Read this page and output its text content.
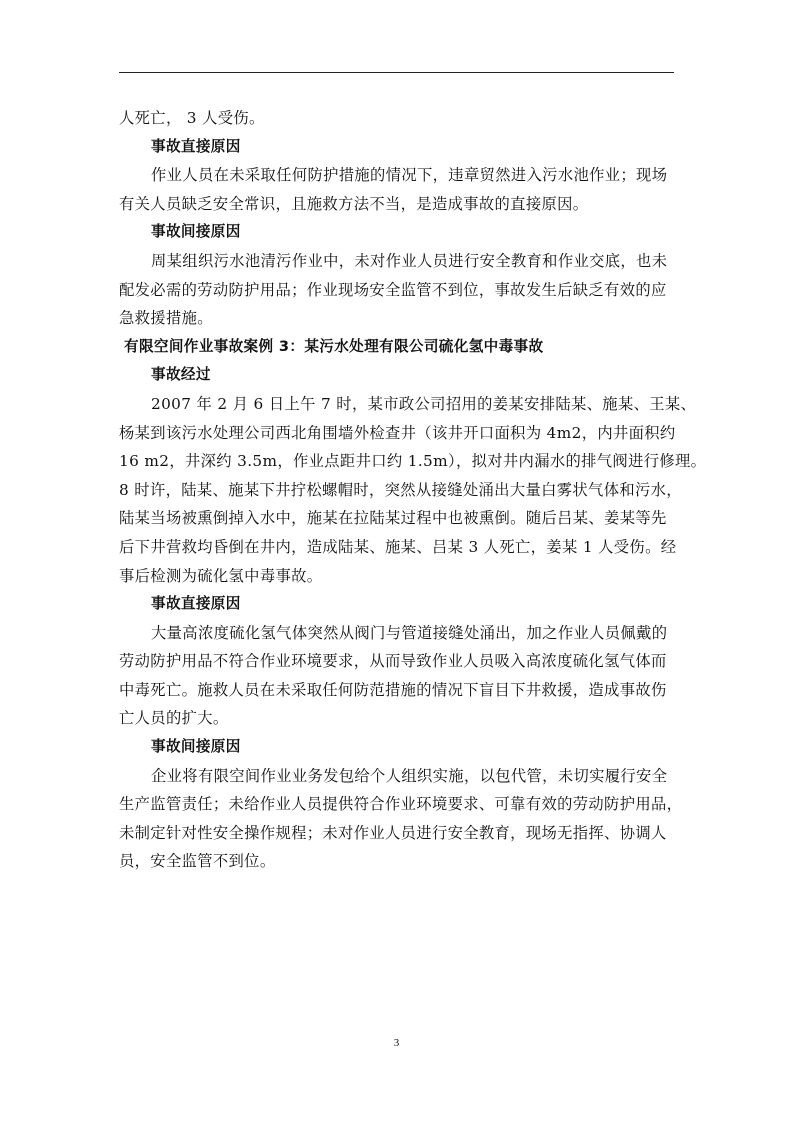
人死亡， 3 人受伤。
事故直接原因
作业人员在未采取任何防护措施的情况下，违章贸然进入污水池作业；现场
有关人员缺乏安全常识，且施救方法不当，是造成事故的直接原因。
事故间接原因
周某组织污水池清污作业中，未对作业人员进行安全教育和作业交底，也未
配发必需的劳动防护用品；作业现场安全监管不到位，事故发生后缺乏有效的应
急救援措施。
有限空间作业事故案例 3：某污水处理有限公司硫化氢中毒事故
事故经过
2007 年 2 月 6 日上午 7 时，某市政公司招用的姜某安排陆某、施某、王某、
杨某到该污水处理公司西北角围墙外检查井（该井开口面积为 4m2，内井面积约
16 m2，井深约 3.5m，作业点距井口约 1.5m），拟对井内漏水的排气阀进行修理。
8 时许，陆某、施某下井拧松螺帽时，突然从接缝处涌出大量白雾状气体和污水，
陆某当场被熏倒掉入水中，施某在拉陆某过程中也被熏倒。随后吕某、姜某等先
后下井营救均昏倒在井内，造成陆某、施某、吕某 3 人死亡，姜某 1 人受伤。经
事后检测为硫化氢中毒事故。
事故直接原因
大量高浓度硫化氢气体突然从阀门与管道接缝处涌出，加之作业人员佩戴的
劳动防护用品不符合作业环境要求，从而导致作业人员吸入高浓度硫化氢气体而
中毒死亡。施救人员在未采取任何防范措施的情况下盲目下井救援，造成事故伤
亡人员的扩大。
事故间接原因
企业将有限空间作业业务发包给个人组织实施，以包代管，未切实履行安全
生产监管责任；未给作业人员提供符合作业环境要求、可靠有效的劳动防护用品，
未制定针对性安全操作规程；未对作业人员进行安全教育，现场无指挥、协调人
员，安全监管不到位。
3
